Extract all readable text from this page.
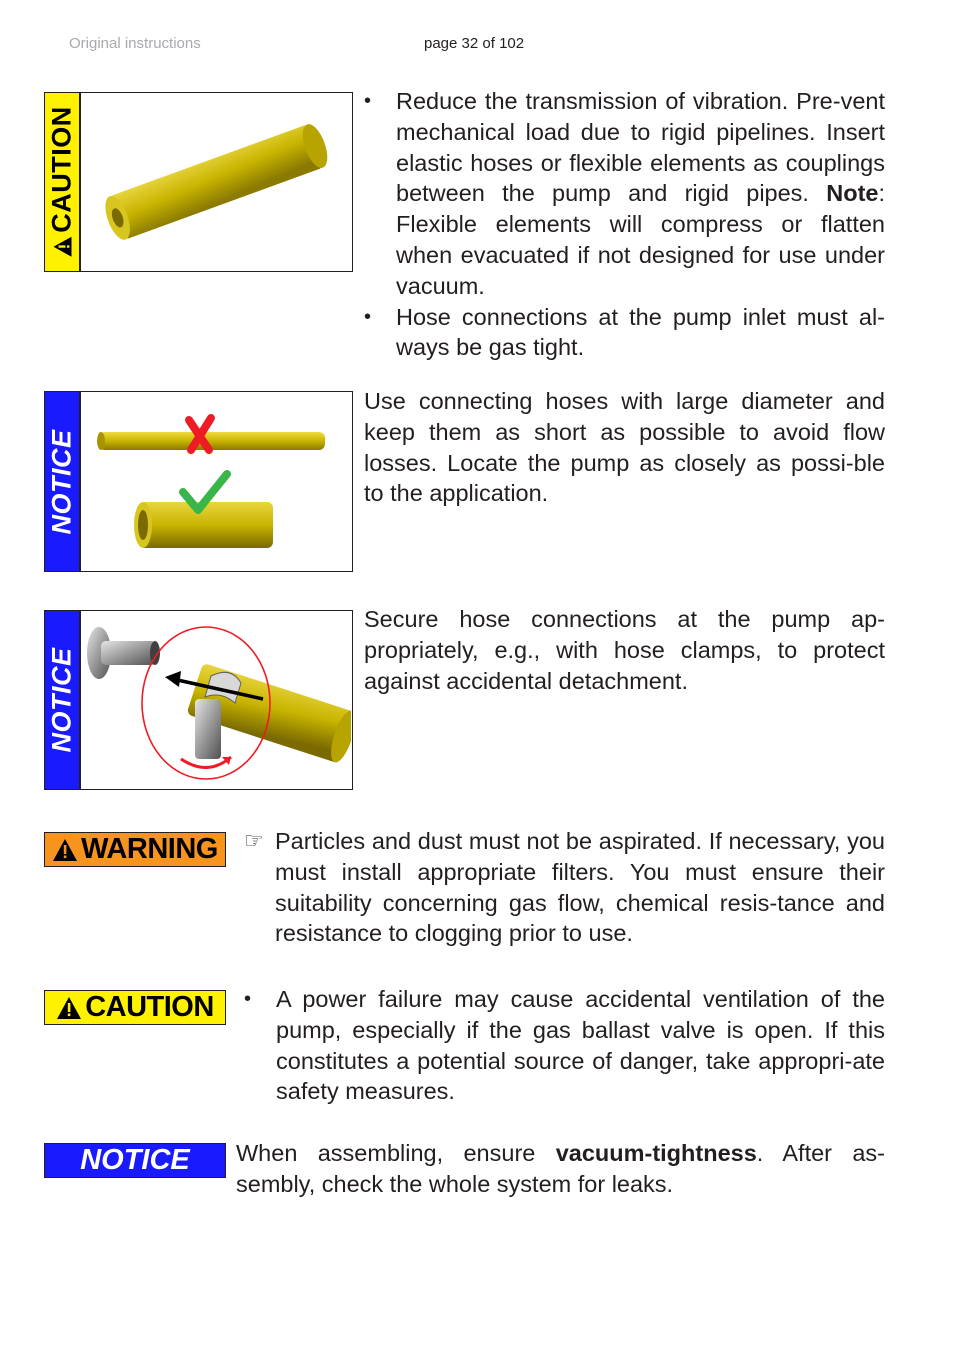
Original instructions	page 32 of 102
CAUTION
•	Reduce the transmission of vibration. Pre-vent mechanical load due to rigid pipelines. Insert elastic hoses or flexible elements as couplings between the pump and rigid pipes. Note: Flexible elements will compress or flatten when evacuated if not designed for use under vacuum.
•	Hose connections at the pump inlet must al-ways be gas tight.
NOTICE
Use connecting hoses with large diameter and keep them as short as possible to avoid flow losses. Locate the pump as closely as possi-ble to the application.
NOTICE
Secure hose connections at the pump ap-propriately, e.g., with hose clamps, to protect against accidental detachment.
WARNING ☞ Particles and dust must not be aspirated. If necessary, you must install appropriate filters. You must ensure their suitability concerning gas flow, chemical resis-tance and resistance to clogging prior to use.
CAUTION •	A power failure may cause accidental ventilation of the pump, especially if the gas ballast valve is open. If this constitutes a potential source of danger, take appropri-ate safety measures.
NOTICE When assembling, ensure vacuum-tightness. After as-sembly, check the whole system for leaks.
